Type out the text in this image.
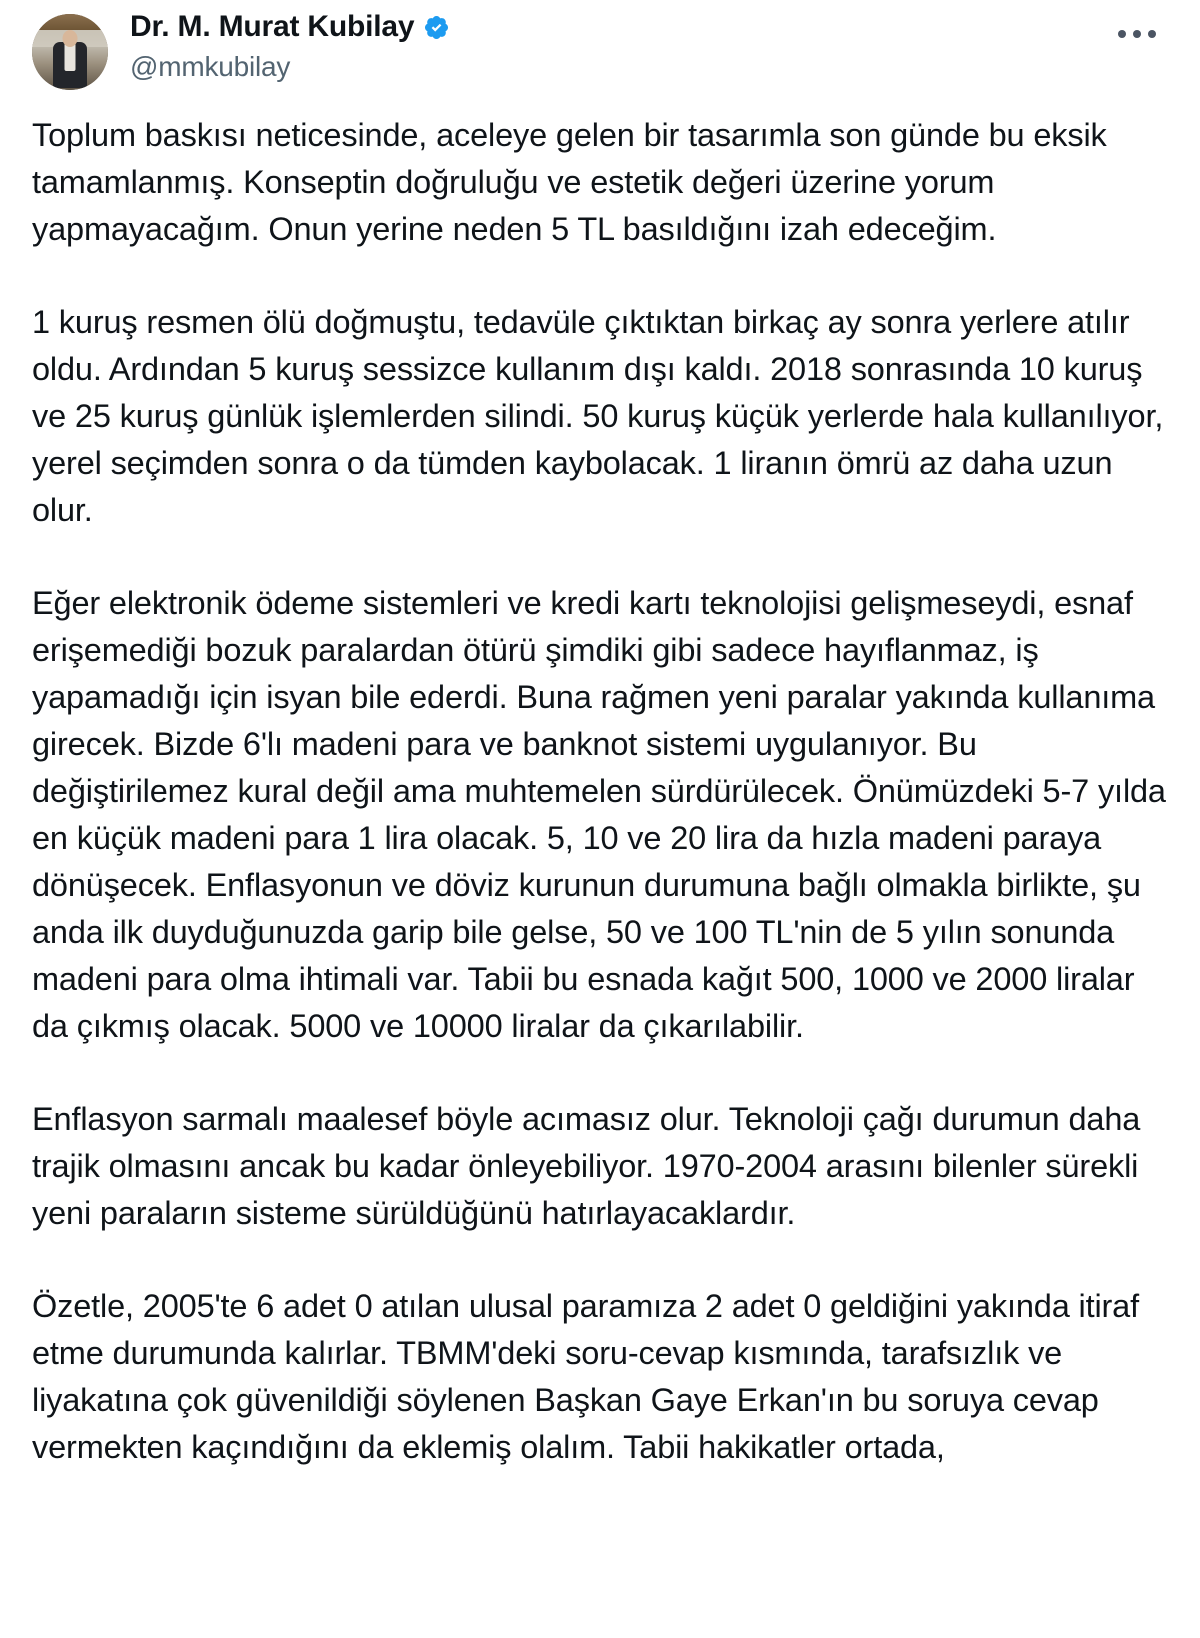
Dr. M. Murat Kubilay
@mmkubilay

Toplum baskısı neticesinde, aceleye gelen bir tasarımla son günde bu eksik tamamlanmış. Konseptin doğruluğu ve estetik değeri üzerine yorum yapmayacağım. Onun yerine neden 5 TL basıldığını izah edeceğim.

1 kuruş resmen ölü doğmuştu, tedavüle çıktıktan birkaç ay sonra yerlere atılır oldu. Ardından 5 kuruş sessizce kullanım dışı kaldı. 2018 sonrasında 10 kuruş ve 25 kuruş günlük işlemlerden silindi. 50 kuruş küçük yerlerde hala kullanılıyor, yerel seçimden sonra o da tümden kaybolacak. 1 liranın ömrü az daha uzun olur.

Eğer elektronik ödeme sistemleri ve kredi kartı teknolojisi gelişmeseydi, esnaf erişemediği bozuk paralardan ötürü şimdiki gibi sadece hayıflanmaz, iş yapamadığı için isyan bile ederdi. Buna rağmen yeni paralar yakında kullanıma girecek. Bizde 6'lı madeni para ve banknot sistemi uygulanıyor. Bu değiştirilemez kural değil ama muhtemelen sürdürülecek. Önümüzdeki 5-7 yılda en küçük madeni para 1 lira olacak. 5, 10 ve 20 lira da hızla madeni paraya dönüşecek. Enflasyonun ve döviz kurunun durumuna bağlı olmakla birlikte, şu anda ilk duyduğunuzda garip bile gelse, 50 ve 100 TL'nin de 5 yılın sonunda madeni para olma ihtimali var. Tabii bu esnada kağıt 500, 1000 ve 2000 liralar da çıkmış olacak. 5000 ve 10000 liralar da çıkarılabilir.

Enflasyon sarmalı maalesef böyle acımasız olur. Teknoloji çağı durumun daha trajik olmasını ancak bu kadar önleyebiliyor. 1970-2004 arasını bilenler sürekli yeni paraların sisteme sürüldüğünü hatırlayacaklardır.

Özetle, 2005'te 6 adet 0 atılan ulusal paramıza 2 adet 0 geldiğini yakında itiraf etme durumunda kalırlar. TBMM'deki soru-cevap kısmında, tarafsızlık ve liyakatına çok güvenildiği söylenen Başkan Gaye Erkan'ın bu soruya cevap vermekten kaçındığını da eklemiş olalım. Tabii hakikatler ortada,
